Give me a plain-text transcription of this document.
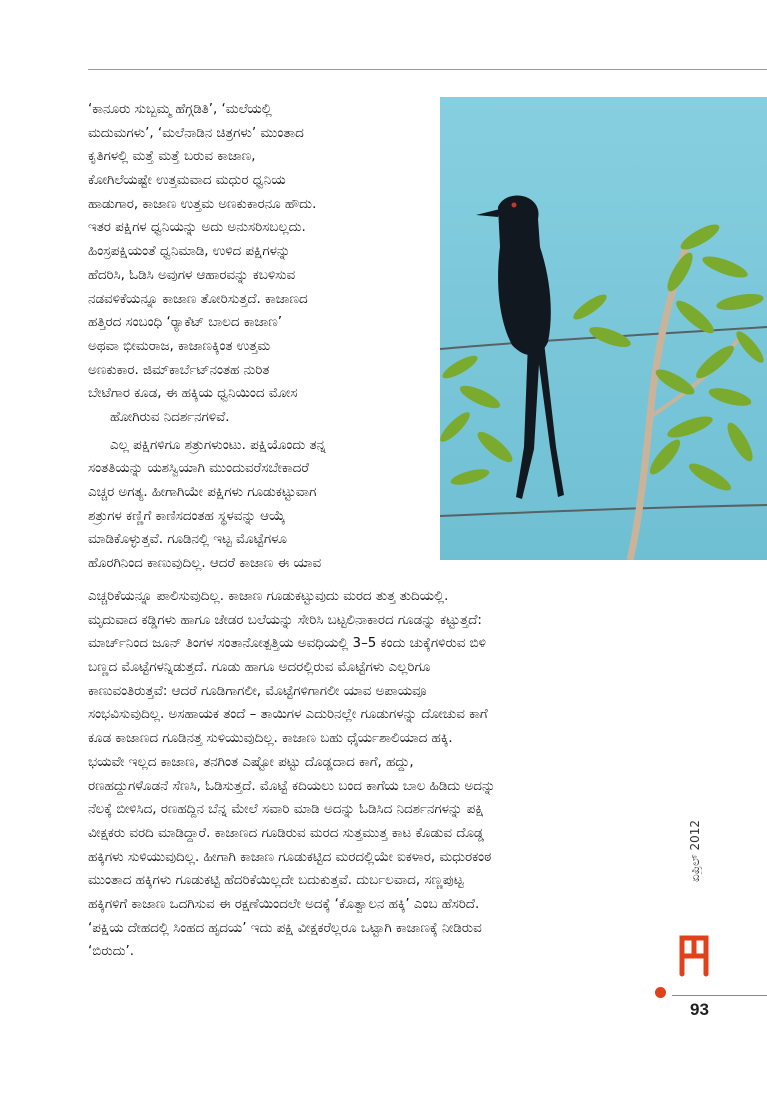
‘ಕಾನೂರು ಸುಬ್ಬಮ್ಮ ಹೆಗ್ಗಡಿತಿ’, ‘ಮಲೆಯಲ್ಲಿ
ಮದುಮಗಳು’, ‘ಮಲೆನಾಡಿನ ಚಿತ್ರಗಳು’ ಮುಂತಾದ
ಕೃತಿಗಳಲ್ಲಿ ಮತ್ತೆ ಮತ್ತೆ ಬರುವ ಕಾಜಾಣ,
ಕೋಗಿಲೆಯಷ್ಟೇ ಉತ್ತಮವಾದ ಮಧುರ ಧ್ವನಿಯ
ಹಾಡುಗಾರ, ಕಾಜಾಣ ಉತ್ತಮ ಅಣಕುಕಾರನೂ ಹೌದು.
ಇತರ ಪಕ್ಷಿಗಳ ಧ್ವನಿಯನ್ನು ಅದು ಅನುಸರಿಸಬಲ್ಲದು.
ಹಿಂಸ್ರಪಕ್ಷಿಯಂತೆ ಧ್ವನಿಮಾಡಿ, ಉಳಿದ ಪಕ್ಷಿಗಳನ್ನು
ಹೆದರಿಸಿ, ಓಡಿಸಿ ಅವುಗಳ ಆಹಾರವನ್ನು ಕಬಳಿಸುವ
ನಡವಳಿಕೆಯನ್ನೂ ಕಾಜಾಣ ತೋರಿಸುತ್ತದೆ. ಕಾಜಾಣದ
ಹತ್ತಿರದ ಸಂಬಂಧಿ ‘ರ್‍ಯಾಕೆಟ್ ಬಾಲದ ಕಾಜಾಣ’
ಅಥವಾ ಭೀಮರಾಜ, ಕಾಜಾಣಕ್ಕಿಂತ ಉತ್ತಮ
ಅಣಕುಕಾರ. ಜಿಮ್‌ಕಾರ್ಬೆಟ್‌ನಂತಹ ನುರಿತ
ಬೇಟೆಗಾರ ಕೂಡ, ಈ ಹಕ್ಕಿಯ ಧ್ವನಿಯಿಂದ ಮೋಸ
ಹೋಗಿರುವ ನಿದರ್ಶನಗಳಿವೆ.
ಎಲ್ಲ ಪಕ್ಷಿಗಳಿಗೂ ಶತ್ರುಗಳುಂಟು. ಪಕ್ಷಿಯೊಂದು ತನ್ನ
ಸಂತತಿಯನ್ನು ಯಶಸ್ವಿಯಾಗಿ ಮುಂದುವರೆಸಬೇಕಾದರೆ
ಎಚ್ಚರ ಅಗತ್ಯ. ಹೀಗಾಗಿಯೇ ಪಕ್ಷಿಗಳು ಗೂಡುಕಟ್ಟುವಾಗ
ಶತ್ರುಗಳ ಕಣ್ಣಿಗೆ ಕಾಣಿಸದಂತಹ ಸ್ಥಳವನ್ನು ಆಯ್ಕೆ
ಮಾಡಿಕೊಳ್ಳುತ್ತವೆ. ಗೂಡಿನಲ್ಲಿ ಇಟ್ಟ ಮೊಟ್ಟೆಗಳೂ
ಹೊರಗಿನಿಂದ ಕಾಣುವುದಿಲ್ಲ. ಆದರೆ ಕಾಜಾಣ ಈ ಯಾವ
ಎಚ್ಚರಿಕೆಯನ್ನೂ ಪಾಲಿಸುವುದಿಲ್ಲ. ಕಾಜಾಣ ಗೂಡುಕಟ್ಟುವುದು ಮರದ ತುತ್ತ ತುದಿಯಲ್ಲಿ.
ಮೃದುವಾದ ಕಡ್ಡಿಗಳು ಹಾಗೂ ಜೇಡರ ಬಲೆಯನ್ನು ಸೇರಿಸಿ ಬಟ್ಟಲಿನಾಕಾರದ ಗೂಡನ್ನು ಕಟ್ಟುತ್ತದೆ:
ಮಾರ್ಚ್‌ನಿಂದ ಜೂನ್ ತಿಂಗಳ ಸಂತಾನೋತ್ಪತ್ತಿಯ ಅವಧಿಯಲ್ಲಿ 3–5 ಕಂದು ಚುಕ್ಕೆಗಳಿರುವ ಬಿಳಿ
ಬಣ್ಣದ ಮೊಟ್ಟೆಗಳನ್ನಿಡುತ್ತದೆ. ಗೂಡು ಹಾಗೂ ಅದರಲ್ಲಿರುವ ಮೊಟ್ಟೆಗಳು ಎಲ್ಲರಿಗೂ
ಕಾಣುವಂತಿರುತ್ತವೆ: ಆದರೆ ಗೂಡಿಗಾಗಲೀ, ಮೊಟ್ಟೆಗಳಿಗಾಗಲೀ ಯಾವ ಅಪಾಯವೂ
ಸಂಭವಿಸುವುದಿಲ್ಲ. ಅಸಹಾಯಕ ತಂದೆ – ತಾಯಿಗಳ ಎದುರಿನಲ್ಲೇ ಗೂಡುಗಳನ್ನು ದೋಚುವ ಕಾಗೆ
ಕೂಡ ಕಾಜಾಣದ ಗೂಡಿನತ್ತ ಸುಳಿಯುವುದಿಲ್ಲ. ಕಾಜಾಣ ಬಹು ಧೈರ್ಯಶಾಲಿಯಾದ ಹಕ್ಕಿ.
ಭಯವೇ ಇಲ್ಲದ ಕಾಜಾಣ, ತನಗಿಂತ ಎಷ್ಟೋ ಪಟ್ಟು ದೊಡ್ಡದಾದ ಕಾಗೆ, ಹದ್ದು,
ರಣಹದ್ದುಗಳೊಡನೆ ಸೆಣಸಿ, ಓಡಿಸುತ್ತದೆ. ಮೊಟ್ಟೆ ಕದಿಯಲು ಬಂದ ಕಾಗೆಯ ಬಾಲ ಹಿಡಿದು ಅದನ್ನು
ನೆಲಕ್ಕೆ ಬೀಳಿಸಿದ, ರಣಹದ್ದಿನ ಬೆನ್ನ ಮೇಲೆ ಸವಾರಿ ಮಾಡಿ ಅದನ್ನು ಓಡಿಸಿದ ನಿದರ್ಶನಗಳನ್ನು ಪಕ್ಷಿ
ವೀಕ್ಷಕರು ವರದಿ ಮಾಡಿದ್ದಾರೆ. ಕಾಜಾಣದ ಗೂಡಿರುವ ಮರದ ಸುತ್ತಮುತ್ತ ಕಾಟ ಕೊಡುವ ದೊಡ್ಡ
ಹಕ್ಕಿಗಳು ಸುಳಿಯುವುದಿಲ್ಲ. ಹೀಗಾಗಿ ಕಾಜಾಣ ಗೂಡುಕಟ್ಟಿದ ಮರದಲ್ಲಿಯೇ ಐಕಳಾರ, ಮಧುರಕಂಠ
ಮುಂತಾದ ಹಕ್ಕಿಗಳು ಗೂಡುಕಟ್ಟಿ ಹೆದರಿಕೆಯಿಲ್ಲದೇ ಬದುಕುತ್ತವೆ. ದುರ್ಬಲವಾದ, ಸಣ್ಣಪುಟ್ಟ
ಹಕ್ಕಿಗಳಿಗೆ ಕಾಜಾಣ ಒದಗಿಸುವ ಈ ರಕ್ಷಣೆಯಿಂದಲೇ ಅದಕ್ಕೆ ‘ಕೊತ್ವಾಲನ ಹಕ್ಕಿ’ ಎಂಬ ಹೆಸರಿದೆ.
‘ಪಕ್ಷಿಯ ದೇಹದಲ್ಲಿ ಸಿಂಹದ ಹೃದಯ’ ಇದು ಪಕ್ಷಿ ವೀಕ್ಷಕರೆಲ್ಲರೂ ಒಟ್ಟಾಗಿ ಕಾಜಾಣಕ್ಕೆ ನೀಡಿರುವ
‘ಬಿರುದು’.
ಏಪ್ರಿಲ್ 2012
93
